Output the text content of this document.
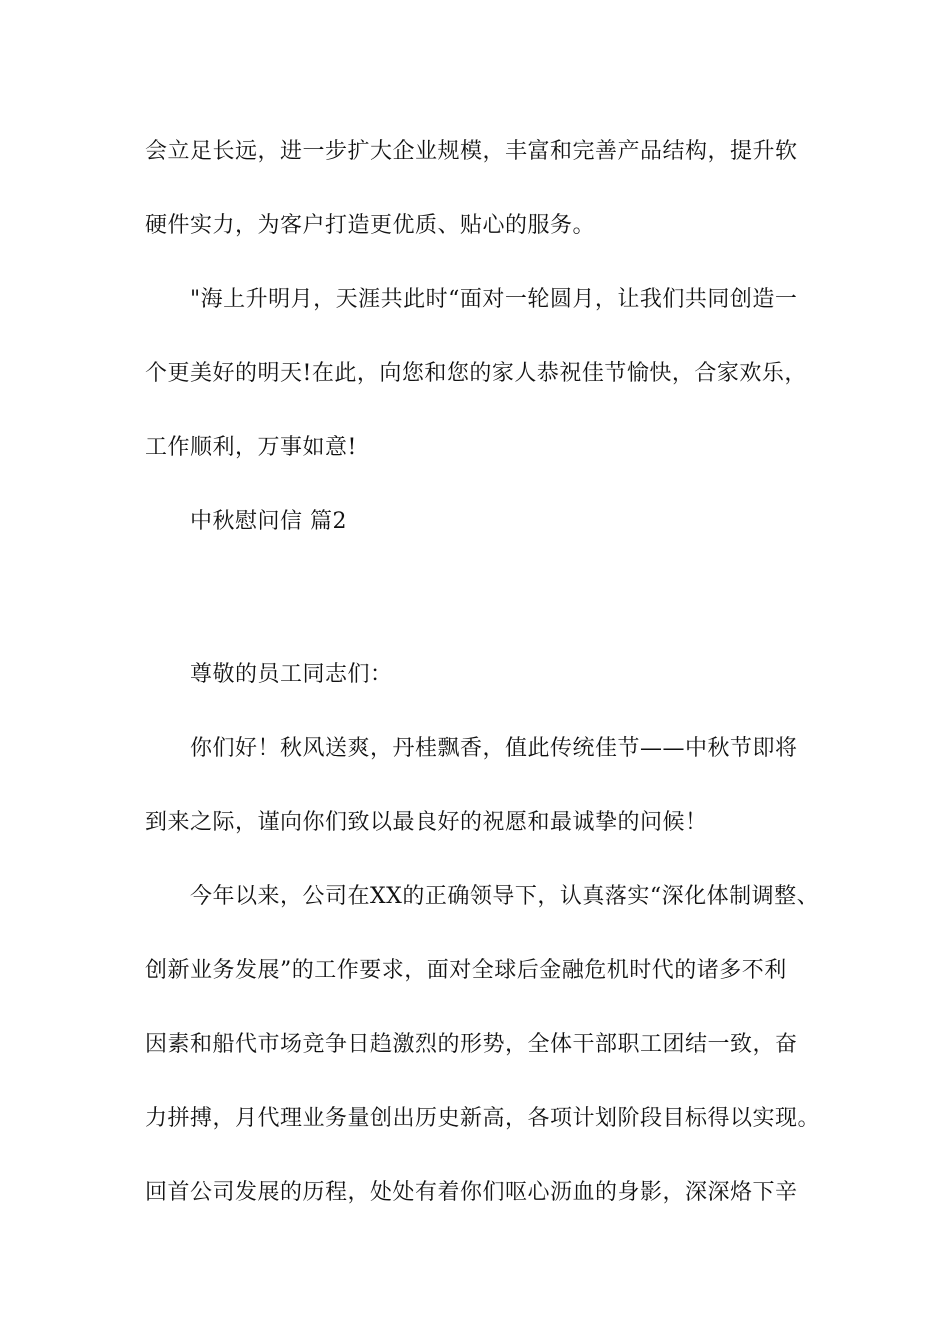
会立足长远，进一步扩大企业规模，丰富和完善产品结构，提升软
硬件实力，为客户打造更优质、贴心的服务。
"海上升明月，天涯共此时“面对一轮圆月，让我们共同创造一
个更美好的明天!在此，向您和您的家人恭祝佳节愉快，合家欢乐，
工作顺利，万事如意!
中秋慰问信 篇2
尊敬的员工同志们：
你们好！秋风送爽，丹桂飘香，值此传统佳节——中秋节即将
到来之际，谨向你们致以最良好的祝愿和最诚挚的问候！
今年以来，公司在XX的正确领导下，认真落实“深化体制调整、
创新业务发展”的工作要求，面对全球后金融危机时代的诸多不利
因素和船代市场竞争日趋激烈的形势，全体干部职工团结一致，奋
力拼搏，月代理业务量创出历史新高，各项计划阶段目标得以实现。
回首公司发展的历程，处处有着你们呕心沥血的身影，深深烙下辛
